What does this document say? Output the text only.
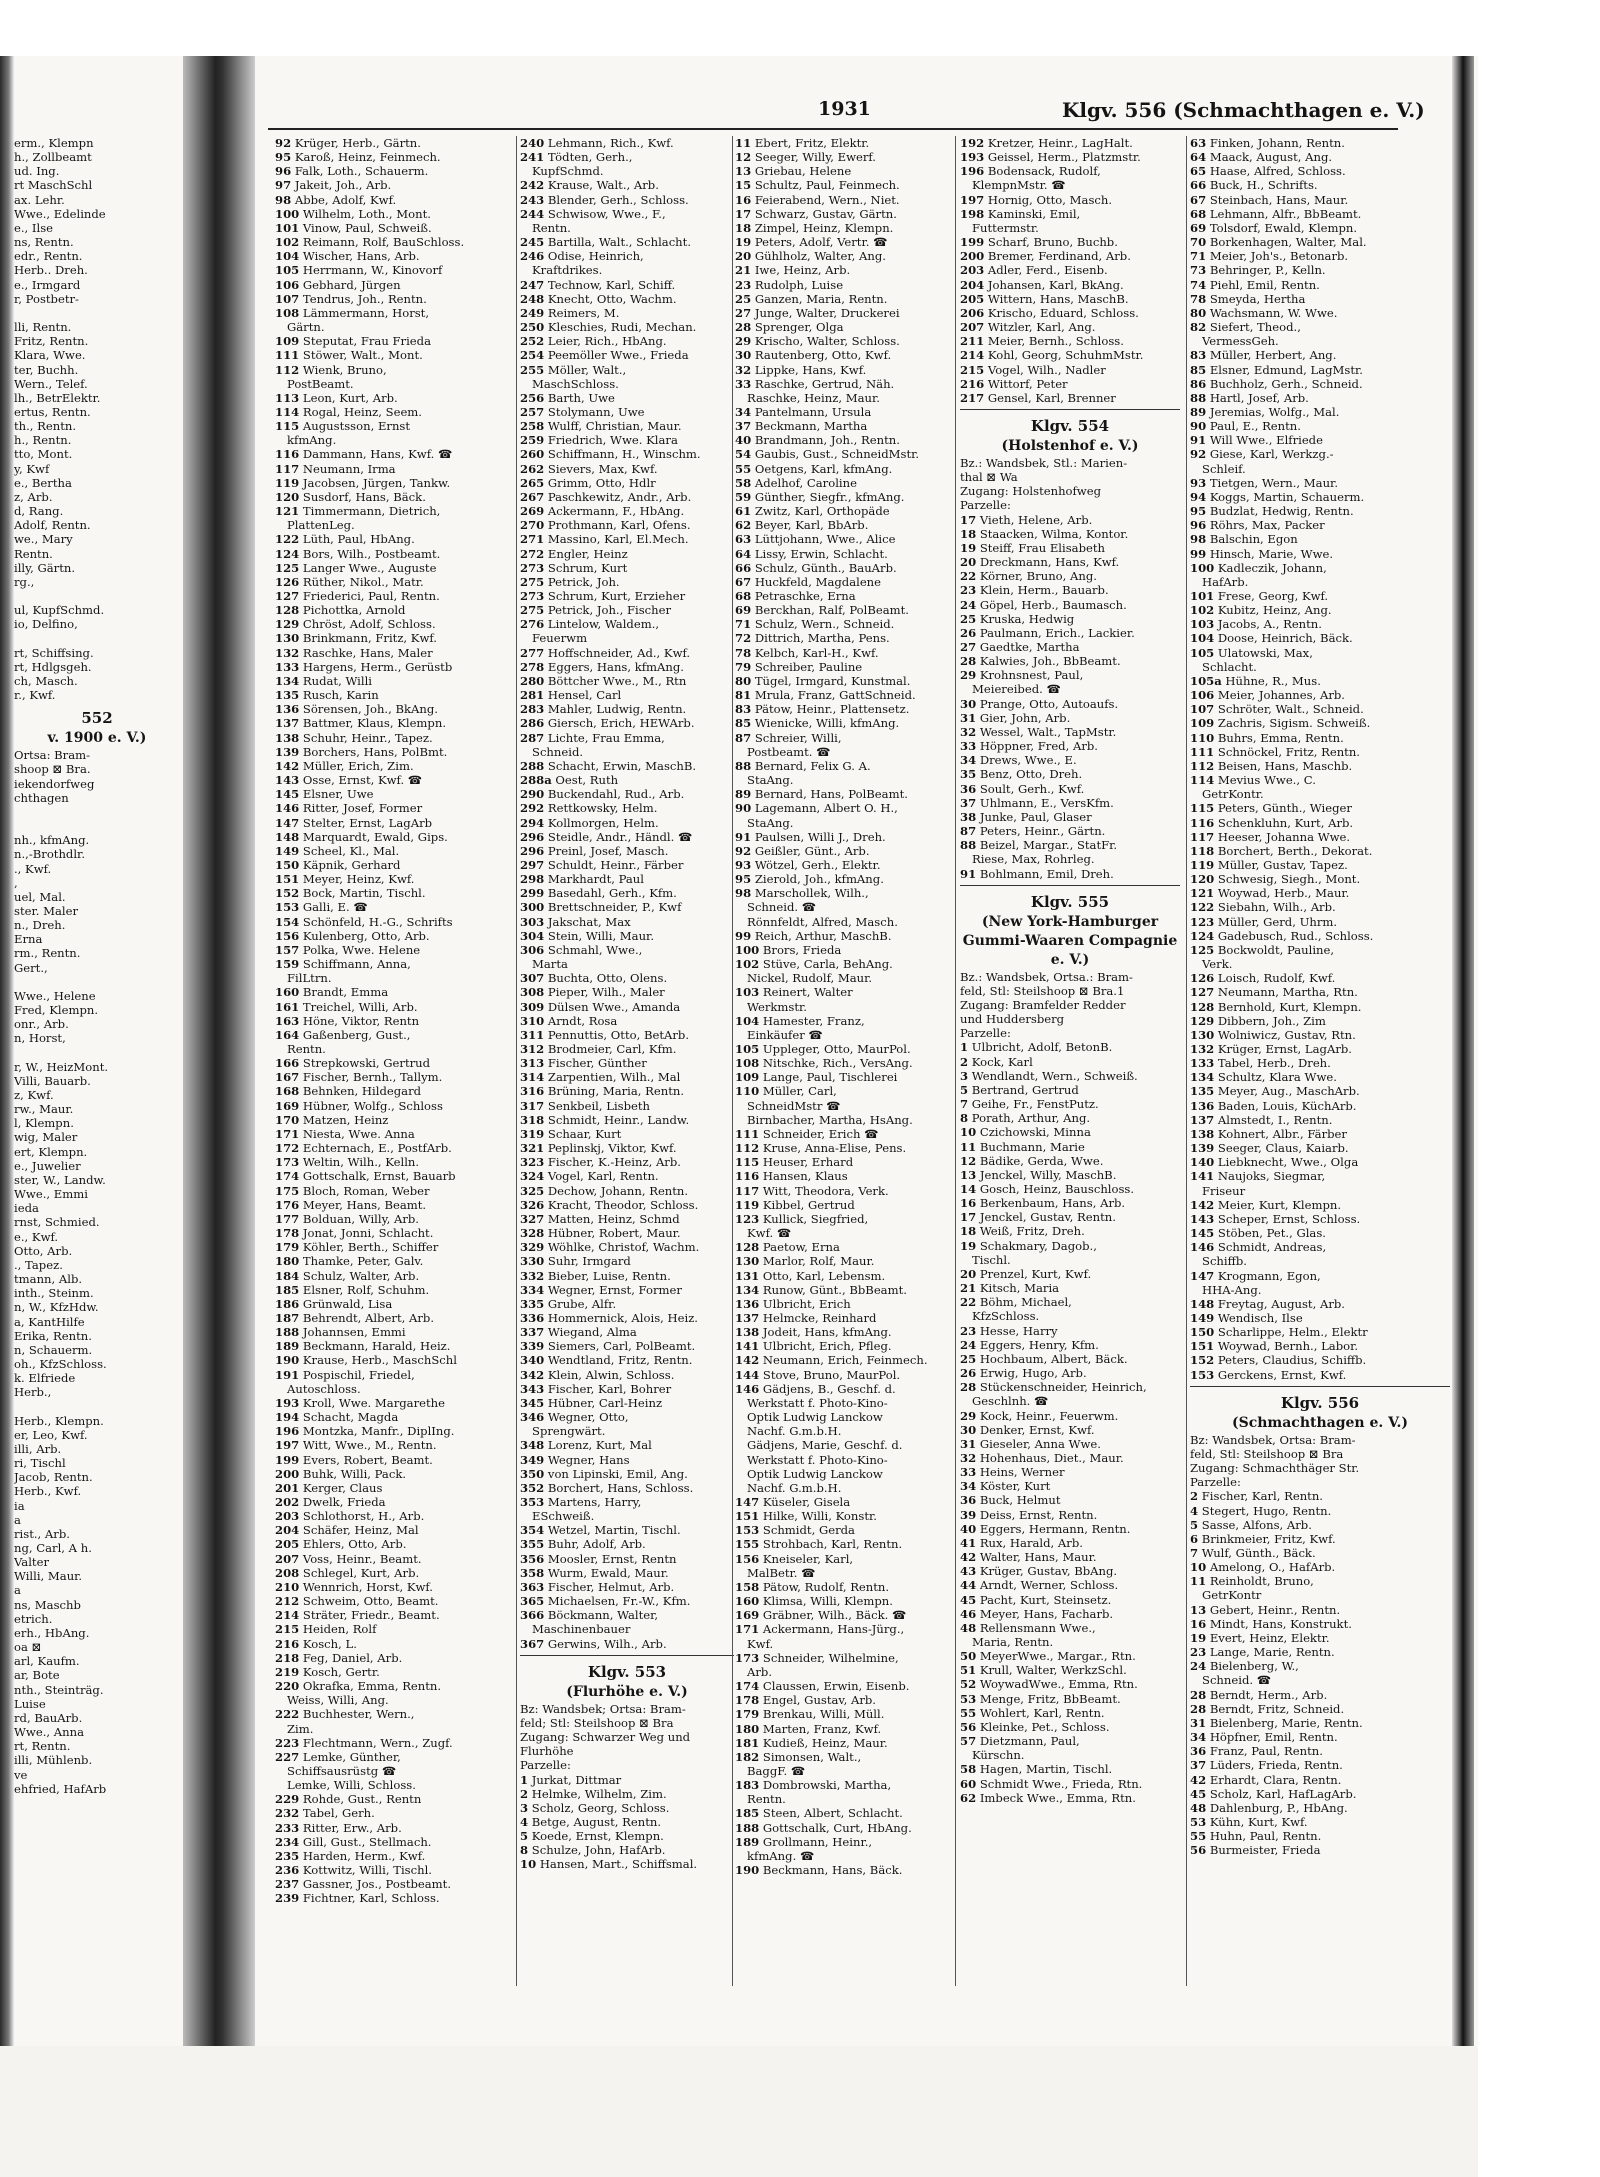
1931	Klgv. 556 (Schmachthagen e. V.)
erm., Klempn
h., Zollbeamt
ud. Ing.
rt MaschSchl
ax. Lehr.
Wwe., Edelinde
e., Ilse
ns, Rentn.
edr., Rentn.
Herb.. Dreh.
e., Irmgard
r, Postbetr-

lli, Rentn.
Fritz, Rentn.
Klara, Wwe.
ter, Buchh.
Wern., Telef.
lh., BetrElektr.
ertus, Rentn.
th., Rentn.
h., Rentn.
tto, Mont.
y, Kwf
e., Bertha
z, Arb.
d, Rang.
Adolf, Rentn.
we., Mary
Rentn.
illy, Gärtn.
rg.,

ul, KupfSchmd.
io, Delfino,

rt, Schiffsing.
rt, Hdlgsgeh.
ch, Masch.
r., Kwf.
552
v. 1900 e. V.)
Ortsa: Bram-
shoop ⊠ Bra.
iekendorfweg
chthagen

nh., kfmAng.
n.,-Brothdlr.
., Kwf.
,
uel, Mal.
ster. Maler
n., Dreh.
Erna
rm., Rentn.
Gert.,

Wwe., Helene
Fred, Klempn.
onr., Arb.
n, Horst,

r, W., HeizMont.
Villi, Bauarb.
z, Kwf.
rw., Maur.
l, Klempn.
wig, Maler
ert, Klempn.
e., Juwelier
ster, W., Landw.
Wwe., Emmi
ieda
rnst, Schmied.
e., Kwf.
Otto, Arb.
., Tapez.
tmann, Alb.
inth., Steinm.
n, W., KfzHdw.
a, KantHilfe
Erika, Rentn.
n, Schauerm.
oh., KfzSchloss.
k. Elfriede
Herb.,

Herb., Klempn.
er, Leo, Kwf.
illi, Arb.
ri, Tischl
Jacob, Rentn.
Herb., Kwf.
ia
a
rist., Arb.
ng, Carl, A h.
Valter
Willi, Maur.
a
ns, Maschb
etrich.
erh., HbAng.
oa ⊠
arl, Kaufm.
ar, Bote
nth., Steinträg.
Luise
rd, BauArb.
Wwe., Anna
rt, Rentn.
illi, Mühlenb.
ve
ehfried, HafArb
92 Krüger, Herb., Gärtn.
95 Karoß, Heinz, Feinmech.
96 Falk, Loth., Schauerm.
97 Jakeit, Joh., Arb.
98 Abbe, Adolf, Kwf.
100 Wilhelm, Loth., Mont.
101 Vinow, Paul, Schweiß.
102 Reimann, Rolf, BauSchloss.
104 Wischer, Hans, Arb.
105 Herrmann, W., Kinovorf
106 Gebhard, Jürgen
107 Tendrus, Joh., Rentn.
108 Lämmermann, Horst,
Gärtn.
109 Steputat, Frau Frieda
111 Stöwer, Walt., Mont.
112 Wienk, Bruno,
PostBeamt.
113 Leon, Kurt, Arb.
114 Rogal, Heinz, Seem.
115 Augustsson, Ernst
kfmAng.
116 Dammann, Hans, Kwf. ☎
117 Neumann, Irma
119 Jacobsen, Jürgen, Tankw.
120 Susdorf, Hans, Bäck.
121 Timmermann, Dietrich,
PlattenLeg.
122 Lüth, Paul, HbAng.
124 Bors, Wilh., Postbeamt.
125 Langer Wwe., Auguste
126 Rüther, Nikol., Matr.
127 Friederici, Paul, Rentn.
128 Pichottka, Arnold
129 Chröst, Adolf, Schloss.
130 Brinkmann, Fritz, Kwf.
132 Raschke, Hans, Maler
133 Hargens, Herm., Gerüstb
134 Rudat, Willi
135 Rusch, Karin
136 Sörensen, Joh., BkAng.
137 Battmer, Klaus, Klempn.
138 Schuhr, Heinr., Tapez.
139 Borchers, Hans, PolBmt.
142 Müller, Erich, Zim.
143 Osse, Ernst, Kwf. ☎
145 Elsner, Uwe
146 Ritter, Josef, Former
147 Stelter, Ernst, LagArb
148 Marquardt, Ewald, Gips.
149 Scheel, Kl., Mal.
150 Käpnik, Gerhard
151 Meyer, Heinz, Kwf.
152 Bock, Martin, Tischl.
153 Galli, E. ☎
154 Schönfeld, H.-G., Schrifts
156 Kulenberg, Otto, Arb.
157 Polka, Wwe. Helene
159 Schiffmann, Anna,
FilLtrn.
160 Brandt, Emma
161 Treichel, Willi, Arb.
163 Höne, Viktor, Rentn
164 Gaßenberg, Gust.,
Rentn.
166 Strepkowski, Gertrud
167 Fischer, Bernh., Tallym.
168 Behnken, Hildegard
169 Hübner, Wolfg., Schloss
170 Matzen, Heinz
171 Niesta, Wwe. Anna
172 Echternach, E., PostfArb.
173 Weltin, Wilh., Kelln.
174 Gottschalk, Ernst, Bauarb
175 Bloch, Roman, Weber
176 Meyer, Hans, Beamt.
177 Bolduan, Willy, Arb.
178 Jonat, Jonni, Schlacht.
179 Köhler, Berth., Schiffer
180 Thamke, Peter, Galv.
184 Schulz, Walter, Arb.
185 Elsner, Rolf, Schuhm.
186 Grünwald, Lisa
187 Behrendt, Albert, Arb.
188 Johannsen, Emmi
189 Beckmann, Harald, Heiz.
190 Krause, Herb., MaschSchl
191 Pospischil, Friedel,
Autoschloss.
193 Kroll, Wwe. Margarethe
194 Schacht, Magda
196 Montzka, Manfr., DiplIng.
197 Witt, Wwe., M., Rentn.
199 Evers, Robert, Beamt.
200 Buhk, Willi, Pack.
201 Kerger, Claus
202 Dwelk, Frieda
203 Schlothorst, H., Arb.
204 Schäfer, Heinz, Mal
205 Ehlers, Otto, Arb.
207 Voss, Heinr., Beamt.
208 Schlegel, Kurt, Arb.
210 Wennrich, Horst, Kwf.
212 Schweim, Otto, Beamt.
214 Sträter, Friedr., Beamt.
215 Heiden, Rolf
216 Kosch, L.
218 Feg, Daniel, Arb.
219 Kosch, Gertr.
220 Okrafka, Emma, Rentn.
Weiss, Willi, Ang.
222 Buchhester, Wern.,
Zim.
223 Flechtmann, Wern., Zugf.
227 Lemke, Günther,
Schiffsausrüstg ☎
Lemke, Willi, Schloss.
229 Rohde, Gust., Rentn
232 Tabel, Gerh.
233 Ritter, Erw., Arb.
234 Gill, Gust., Stellmach.
235 Harden, Herm., Kwf.
236 Kottwitz, Willi, Tischl.
237 Gassner, Jos., Postbeamt.
239 Fichtner, Karl, Schloss.
240 Lehmann, Rich., Kwf.
241 Tödten, Gerh.,
KupfSchmd.
242 Krause, Walt., Arb.
243 Blender, Gerh., Schloss.
244 Schwisow, Wwe., F.,
Rentn.
245 Bartilla, Walt., Schlacht.
246 Odise, Heinrich,
Kraftdrikes.
247 Technow, Karl, Schiff.
248 Knecht, Otto, Wachm.
249 Reimers, M.
250 Kleschies, Rudi, Mechan.
252 Leier, Rich., HbAng.
254 Peemöller Wwe., Frieda
255 Möller, Walt.,
MaschSchloss.
256 Barth, Uwe
257 Stolymann, Uwe
258 Wulff, Christian, Maur.
259 Friedrich, Wwe. Klara
260 Schiffmann, H., Winschm.
262 Sievers, Max, Kwf.
265 Grimm, Otto, Hdlr
267 Paschkewitz, Andr., Arb.
269 Ackermann, F., HbAng.
270 Prothmann, Karl, Ofens.
271 Massino, Karl, El.Mech.
272 Engler, Heinz
273 Schrum, Kurt
275 Petrick, Joh.
273 Schrum, Kurt, Erzieher
275 Petrick, Joh., Fischer
276 Lintelow, Waldem.,
Feuerwm
277 Hoffschneider, Ad., Kwf.
278 Eggers, Hans, kfmAng.
280 Böttcher Wwe., M., Rtn
281 Hensel, Carl
283 Mahler, Ludwig, Rentn.
286 Giersch, Erich, HEWArb.
287 Lichte, Frau Emma,
Schneid.
288 Schacht, Erwin, MaschB.
288a Oest, Ruth
290 Buckendahl, Rud., Arb.
292 Rettkowsky, Helm.
294 Kollmorgen, Helm.
296 Steidle, Andr., Händl. ☎
296 Preinl, Josef, Masch.
297 Schuldt, Heinr., Färber
298 Markhardt, Paul
299 Basedahl, Gerh., Kfm.
300 Brettschneider, P., Kwf
303 Jakschat, Max
304 Stein, Willi, Maur.
306 Schmahl, Wwe.,
Marta
307 Buchta, Otto, Olens.
308 Pieper, Wilh., Maler
309 Dülsen Wwe., Amanda
310 Arndt, Rosa
311 Pennuttis, Otto, BetArb.
312 Brodmeier, Carl, Kfm.
313 Fischer, Günther
314 Zarpentien, Wilh., Mal
316 Brüning, Maria, Rentn.
317 Senkbeil, Lisbeth
318 Schmidt, Heinr., Landw.
319 Schaar, Kurt
321 Peplinskj, Viktor, Kwf.
323 Fischer, K.-Heinz, Arb.
324 Vogel, Karl, Rentn.
325 Dechow, Johann, Rentn.
326 Kracht, Theodor, Schloss.
327 Matten, Heinz, Schmd
328 Hübner, Robert, Maur.
329 Wöhlke, Christof, Wachm.
330 Suhr, Irmgard
332 Bieber, Luise, Rentn.
334 Wegner, Ernst, Former
335 Grube, Alfr.
336 Hommernick, Alois, Heiz.
337 Wiegand, Alma
339 Siemers, Carl, PolBeamt.
340 Wendtland, Fritz, Rentn.
342 Klein, Alwin, Schloss.
343 Fischer, Karl, Bohrer
345 Hübner, Carl-Heinz
346 Wegner, Otto,
Sprengwärt.
348 Lorenz, Kurt, Mal
349 Wegner, Hans
350 von Lipinski, Emil, Ang.
352 Borchert, Hans, Schloss.
353 Martens, Harry,
ESchweiß.
354 Wetzel, Martin, Tischl.
355 Buhr, Adolf, Arb.
356 Moosler, Ernst, Rentn
358 Wurm, Ewald, Maur.
363 Fischer, Helmut, Arb.
365 Michaelsen, Fr.-W., Kfm.
366 Böckmann, Walter,
Maschinenbauer
367 Gerwins, Wilh., Arb.
Klgv. 553
(Flurhöhe e. V.)
Bz: Wandsbek; Ortsa: Bram-
feld; Stl: Steilshoop ⊠ Bra
Zugang: Schwarzer Weg und
Flurhöhe
Parzelle:
1 Jurkat, Dittmar
2 Helmke, Wilhelm, Zim.
3 Scholz, Georg, Schloss.
4 Betge, August, Rentn.
5 Koede, Ernst, Klempn.
8 Schulze, John, HafArb.
10 Hansen, Mart., Schiffsmal.
11 Ebert, Fritz, Elektr.
12 Seeger, Willy, Ewerf.
13 Griebau, Helene
15 Schultz, Paul, Feinmech.
16 Feierabend, Wern., Niet.
17 Schwarz, Gustav, Gärtn.
18 Zimpel, Heinz, Klempn.
19 Peters, Adolf, Vertr. ☎
20 Gühlholz, Walter, Ang.
21 Iwe, Heinz, Arb.
23 Rudolph, Luise
25 Ganzen, Maria, Rentn.
27 Junge, Walter, Druckerei
28 Sprenger, Olga
29 Krischo, Walter, Schloss.
30 Rautenberg, Otto, Kwf.
32 Lippke, Hans, Kwf.
33 Raschke, Gertrud, Näh.
Raschke, Heinz, Maur.
34 Pantelmann, Ursula
37 Beckmann, Martha
40 Brandmann, Joh., Rentn.
54 Gaubis, Gust., SchneidMstr.
55 Oetgens, Karl, kfmAng.
58 Adelhof, Caroline
59 Günther, Siegfr., kfmAng.
61 Zwitz, Karl, Orthopäde
62 Beyer, Karl, BbArb.
63 Lüttjohann, Wwe., Alice
64 Lissy, Erwin, Schlacht.
66 Schulz, Günth., BauArb.
67 Huckfeld, Magdalene
68 Petraschke, Erna
69 Berckhan, Ralf, PolBeamt.
71 Schulz, Wern., Schneid.
72 Dittrich, Martha, Pens.
78 Kelbch, Karl-H., Kwf.
79 Schreiber, Pauline
80 Tügel, Irmgard, Kunstmal.
81 Mrula, Franz, GattSchneid.
83 Pätow, Heinr., Plattensetz.
85 Wienicke, Willi, kfmAng.
87 Schreier, Willi,
Postbeamt. ☎
88 Bernard, Felix G. A.
StaAng.
89 Bernard, Hans, PolBeamt.
90 Lagemann, Albert O. H.,
StaAng.
91 Paulsen, Willi J., Dreh.
92 Geißler, Günt., Arb.
93 Wötzel, Gerh., Elektr.
95 Zierold, Joh., kfmAng.
98 Marschollek, Wilh.,
Schneid. ☎
Rönnfeldt, Alfred, Masch.
99 Reich, Arthur, MaschB.
100 Brors, Frieda
102 Stüve, Carla, BehAng.
Nickel, Rudolf, Maur.
103 Reinert, Walter
Werkmstr.
104 Hamester, Franz,
Einkäufer ☎
105 Uppleger, Otto, MaurPol.
108 Nitschke, Rich., VersAng.
109 Lange, Paul, Tischlerei
110 Müller, Carl,
SchneidMstr ☎
Birnbacher, Martha, HsAng.
111 Schneider, Erich ☎
112 Kruse, Anna-Elise, Pens.
115 Heuser, Erhard
116 Hansen, Klaus
117 Witt, Theodora, Verk.
119 Kibbel, Gertrud
123 Kullick, Siegfried,
Kwf. ☎
128 Paetow, Erna
130 Marlor, Rolf, Maur.
131 Otto, Karl, Lebensm.
134 Runow, Günt., BbBeamt.
136 Ulbricht, Erich
137 Helmcke, Reinhard
138 Jodeit, Hans, kfmAng.
141 Ulbricht, Erich, Pfleg.
142 Neumann, Erich, Feinmech.
144 Stove, Bruno, MaurPol.
146 Gädjens, B., Geschf. d.
Werkstatt f. Photo-Kino-
Optik Ludwig Lanckow
Nachf. G.m.b.H.
Gädjens, Marie, Geschf. d.
Werkstatt f. Photo-Kino-
Optik Ludwig Lanckow
Nachf. G.m.b.H.
147 Küseler, Gisela
151 Hilke, Willi, Konstr.
153 Schmidt, Gerda
155 Strohbach, Karl, Rentn.
156 Kneiseler, Karl,
MalBetr. ☎
158 Pätow, Rudolf, Rentn.
160 Klimsa, Willi, Klempn.
169 Gräbner, Wilh., Bäck. ☎
171 Ackermann, Hans-Jürg.,
Kwf.
173 Schneider, Wilhelmine,
Arb.
174 Claussen, Erwin, Eisenb.
178 Engel, Gustav, Arb.
179 Brenkau, Willi, Müll.
180 Marten, Franz, Kwf.
181 Kudieß, Heinz, Maur.
182 Simonsen, Walt.,
BaggF. ☎
183 Dombrowski, Martha,
Rentn.
185 Steen, Albert, Schlacht.
188 Gottschalk, Curt, HbAng.
189 Grollmann, Heinr.,
kfmAng. ☎
190 Beckmann, Hans, Bäck.
192 Kretzer, Heinr., LagHalt.
193 Geissel, Herm., Platzmstr.
196 Bodensack, Rudolf,
KlempnMstr. ☎
197 Hornig, Otto, Masch.
198 Kaminski, Emil,
Futtermstr.
199 Scharf, Bruno, Buchb.
200 Bremer, Ferdinand, Arb.
203 Adler, Ferd., Eisenb.
204 Johansen, Karl, BkAng.
205 Wittern, Hans, MaschB.
206 Krischo, Eduard, Schloss.
207 Witzler, Karl, Ang.
211 Meier, Bernh., Schloss.
214 Kohl, Georg, SchuhmMstr.
215 Vogel, Wilh., Nadler
216 Wittorf, Peter
217 Gensel, Karl, Brenner
Klgv. 554
(Holstenhof e. V.)
Bz.: Wandsbek, Stl.: Marien-
thal ⊠ Wa
Zugang: Holstenhofweg
Parzelle:
17 Vieth, Helene, Arb.
18 Staacken, Wilma, Kontor.
19 Steiff, Frau Elisabeth
20 Dreckmann, Hans, Kwf.
22 Körner, Bruno, Ang.
23 Klein, Herm., Bauarb.
24 Göpel, Herb., Baumasch.
25 Kruska, Hedwig
26 Paulmann, Erich., Lackier.
27 Gaedtke, Martha
28 Kalwies, Joh., BbBeamt.
29 Krohnsnest, Paul,
Meiereibed. ☎
30 Prange, Otto, Autoaufs.
31 Gier, John, Arb.
32 Wessel, Walt., TapMstr.
33 Höppner, Fred, Arb.
34 Drews, Wwe., E.
35 Benz, Otto, Dreh.
36 Soult, Gerh., Kwf.
37 Uhlmann, E., VersKfm.
38 Junke, Paul, Glaser
87 Peters, Heinr., Gärtn.
88 Beizel, Margar., StatFr.
Riese, Max, Rohrleg.
91 Bohlmann, Emil, Dreh.
Klgv. 555
(New York-Hamburger
Gummi-Waaren Compagnie
e. V.)
Bz.: Wandsbek, Ortsa.: Bram-
feld, Stl: Steilshoop ⊠ Bra.1
Zugang: Bramfelder Redder
und Huddersberg
Parzelle:
1 Ulbricht, Adolf, BetonB.
2 Kock, Karl
3 Wendlandt, Wern., Schweiß.
5 Bertrand, Gertrud
7 Geihe, Fr., FenstPutz.
8 Porath, Arthur, Ang.
10 Czichowski, Minna
11 Buchmann, Marie
12 Bädike, Gerda, Wwe.
13 Jenckel, Willy, MaschB.
14 Gosch, Heinz, Bauschloss.
16 Berkenbaum, Hans, Arb.
17 Jenckel, Gustav, Rentn.
18 Weiß, Fritz, Dreh.
19 Schakmary, Dagob.,
Tischl.
20 Prenzel, Kurt, Kwf.
21 Kitsch, Maria
22 Böhm, Michael,
KfzSchloss.
23 Hesse, Harry
24 Eggers, Henry, Kfm.
25 Hochbaum, Albert, Bäck.
26 Erwig, Hugo, Arb.
28 Stückenschneider, Heinrich,
Geschlnh. ☎
29 Kock, Heinr., Feuerwm.
30 Denker, Ernst, Kwf.
31 Gieseler, Anna Wwe.
32 Hohenhaus, Diet., Maur.
33 Heins, Werner
34 Köster, Kurt
36 Buck, Helmut
39 Deiss, Ernst, Rentn.
40 Eggers, Hermann, Rentn.
41 Rux, Harald, Arb.
42 Walter, Hans, Maur.
43 Krüger, Gustav, BbAng.
44 Arndt, Werner, Schloss.
45 Pacht, Kurt, Steinsetz.
46 Meyer, Hans, Facharb.
48 Rellensmann Wwe.,
Maria, Rentn.
50 MeyerWwe., Margar., Rtn.
51 Krull, Walter, WerkzSchl.
52 WoywadWwe., Emma, Rtn.
53 Menge, Fritz, BbBeamt.
55 Wohlert, Karl, Rentn.
56 Kleinke, Pet., Schloss.
57 Dietzmann, Paul,
Kürschn.
58 Hagen, Martin, Tischl.
60 Schmidt Wwe., Frieda, Rtn.
62 Imbeck Wwe., Emma, Rtn.
63 Finken, Johann, Rentn.
64 Maack, August, Ang.
65 Haase, Alfred, Schloss.
66 Buck, H., Schrifts.
67 Steinbach, Hans, Maur.
68 Lehmann, Alfr., BbBeamt.
69 Tolsdorf, Ewald, Klempn.
70 Borkenhagen, Walter, Mal.
71 Meier, Joh's., Betonarb.
73 Behringer, P., Kelln.
74 Piehl, Emil, Rentn.
78 Smeyda, Hertha
80 Wachsmann, W. Wwe.
82 Siefert, Theod.,
VermessGeh.
83 Müller, Herbert, Ang.
85 Elsner, Edmund, LagMstr.
86 Buchholz, Gerh., Schneid.
88 Hartl, Josef, Arb.
89 Jeremias, Wolfg., Mal.
90 Paul, E., Rentn.
91 Will Wwe., Elfriede
92 Giese, Karl, Werkzg.-
Schleif.
93 Tietgen, Wern., Maur.
94 Koggs, Martin, Schauerm.
95 Budzlat, Hedwig, Rentn.
96 Röhrs, Max, Packer
98 Balschin, Egon
99 Hinsch, Marie, Wwe.
100 Kadleczik, Johann,
HafArb.
101 Frese, Georg, Kwf.
102 Kubitz, Heinz, Ang.
103 Jacobs, A., Rentn.
104 Doose, Heinrich, Bäck.
105 Ulatowski, Max,
Schlacht.
105a Hühne, R., Mus.
106 Meier, Johannes, Arb.
107 Schröter, Walt., Schneid.
109 Zachris, Sigism. Schweiß.
110 Buhrs, Emma, Rentn.
111 Schnöckel, Fritz, Rentn.
112 Beisen, Hans, Maschb.
114 Mevius Wwe., C.
GetrKontr.
115 Peters, Günth., Wieger
116 Schenkluhn, Kurt, Arb.
117 Heeser, Johanna Wwe.
118 Borchert, Berth., Dekorat.
119 Müller, Gustav, Tapez.
120 Schwesig, Siegh., Mont.
121 Woywad, Herb., Maur.
122 Siebahn, Wilh., Arb.
123 Müller, Gerd, Uhrm.
124 Gadebusch, Rud., Schloss.
125 Bockwoldt, Pauline,
Verk.
126 Loisch, Rudolf, Kwf.
127 Neumann, Martha, Rtn.
128 Bernhold, Kurt, Klempn.
129 Dibbern, Joh., Zim
130 Wolniwicz, Gustav, Rtn.
132 Krüger, Ernst, LagArb.
133 Tabel, Herb., Dreh.
134 Schultz, Klara Wwe.
135 Meyer, Aug., MaschArb.
136 Baden, Louis, KüchArb.
137 Almstedt, I., Rentn.
138 Kohnert, Albr., Färber
139 Seeger, Claus, Kaiarb.
140 Liebknecht, Wwe., Olga
141 Naujoks, Siegmar,
Friseur
142 Meier, Kurt, Klempn.
143 Scheper, Ernst, Schloss.
145 Stöben, Pet., Glas.
146 Schmidt, Andreas,
Schiffb.
147 Krogmann, Egon,
HHA-Ang.
148 Freytag, August, Arb.
149 Wendisch, Ilse
150 Scharlippe, Helm., Elektr
151 Woywad, Bernh., Labor.
152 Peters, Claudius, Schiffb.
153 Gerckens, Ernst, Kwf.
Klgv. 556
(Schmachthagen e. V.)
Bz: Wandsbek, Ortsa: Bram-
feld, Stl: Steilshoop ⊠ Bra
Zugang: Schmachthäger Str.
Parzelle:
2 Fischer, Karl, Rentn.
4 Stegert, Hugo, Rentn.
5 Sasse, Alfons, Arb.
6 Brinkmeier, Fritz, Kwf.
7 Wulf, Günth., Bäck.
10 Amelong, O., HafArb.
11 Reinholdt, Bruno,
GetrKontr
13 Gebert, Heinr., Rentn.
16 Mindt, Hans, Konstrukt.
19 Evert, Heinz, Elektr.
23 Lange, Marie, Rentn.
24 Bielenberg, W.,
Schneid. ☎
28 Berndt, Herm., Arb.
28 Berndt, Fritz, Schneid.
31 Bielenberg, Marie, Rentn.
34 Höpfner, Emil, Rentn.
36 Franz, Paul, Rentn.
37 Lüders, Frieda, Rentn.
42 Erhardt, Clara, Rentn.
45 Scholz, Karl, HafLagArb.
48 Dahlenburg, P., HbAng.
53 Kühn, Kurt, Kwf.
55 Huhn, Paul, Rentn.
56 Burmeister, Frieda
